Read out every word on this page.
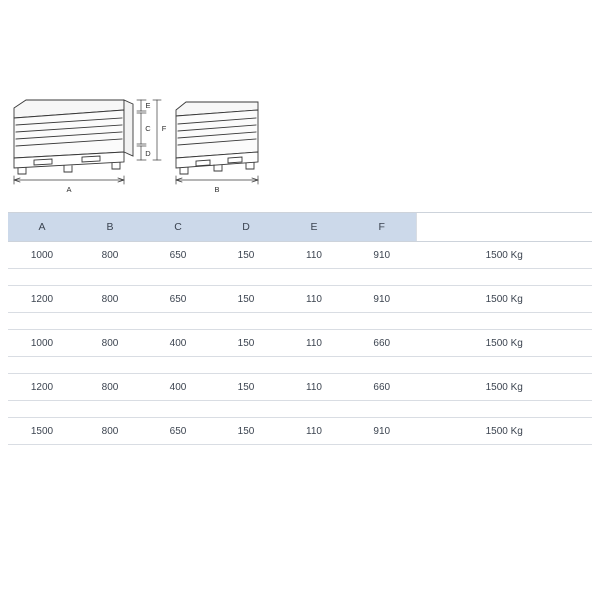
A	B
E
C
D
F
A	B	C	D	E	F	
1000	800	650	150	110	910	1500 Kg

1200	800	650	150	110	910	1500 Kg

1000	800	400	150	110	660	1500 Kg

1200	800	400	150	110	660	1500 Kg

1500	800	650	150	110	910	1500 Kg
